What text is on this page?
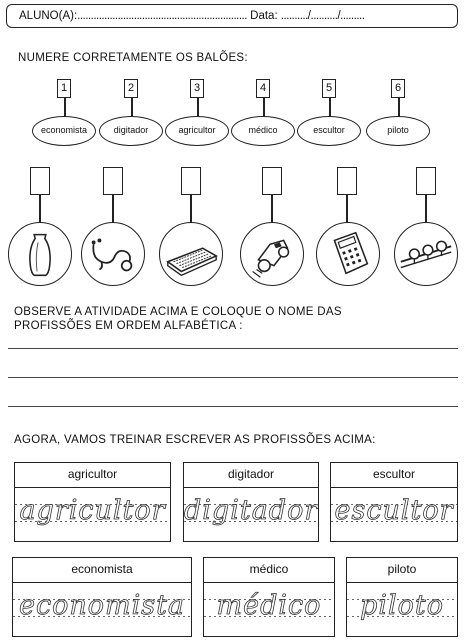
ALUNO(A):............................................................... Data: ........../........../.........
NUMERE CORRETAMENTE OS BALÕES:
1
economista
2
digitador
3
agricultor
4
médico
5
escultor
6
piloto
OBSERVE A ATIVIDADE ACIMA E COLOQUE O NOME DAS
PROFISSÕES EM ORDEM ALFABÉTICA :
AGORA, VAMOS TREINAR ESCREVER AS PROFISSÕES ACIMA:
agricultor
agricultor
digitador
digitador
escultor
escultor
economista
economista
médico
médico
piloto
piloto
